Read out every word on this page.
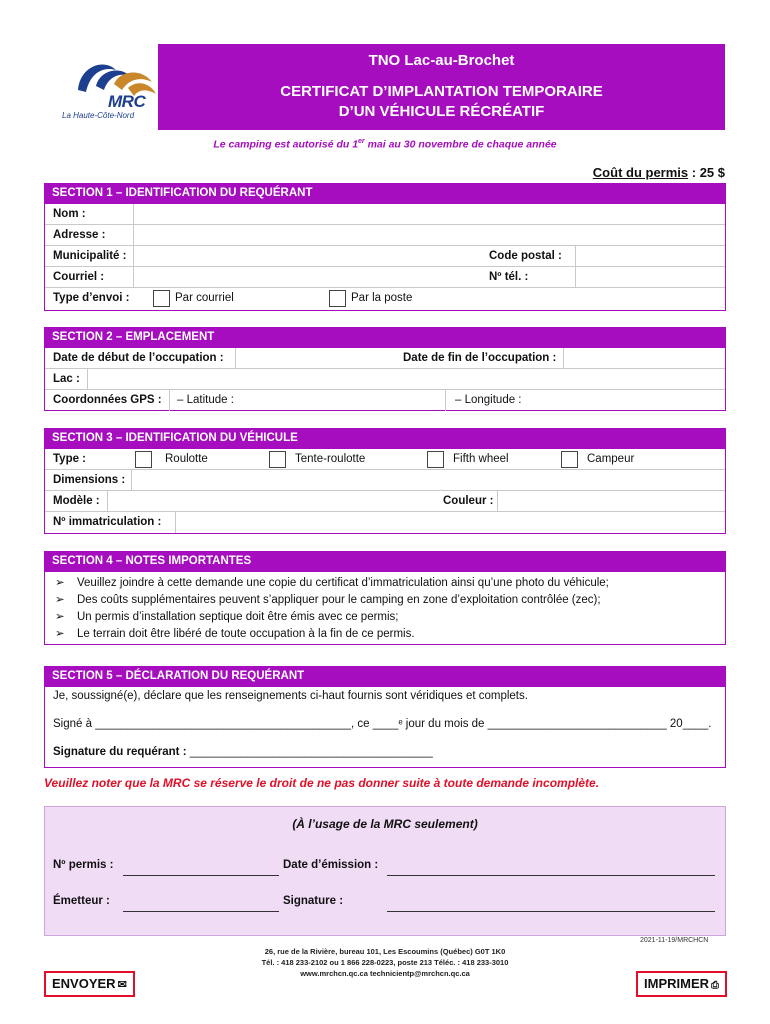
MRC
La Haute-Côte-Nord
TNO Lac-au-Brochet
CERTIFICAT D’IMPLANTATION TEMPORAIRE
D’UN VÉHICULE RÉCRÉATIF
Le camping est autorisé du 1er mai au 30 novembre de chaque année
Coût du permis : 25 $
SECTION 1 – IDENTIFICATION DU REQUÉRANT
Nom :
Adresse :
Municipalité :	Code postal :
Courriel :	Nº tél. :
Type d’envoi :	Par courriel	Par la poste
SECTION 2 – EMPLACEMENT
Date de début de l’occupation :	Date de fin de l’occupation :
Lac :
Coordonnées GPS : – Latitude :	– Longitude :
SECTION 3 – IDENTIFICATION DU VÉHICULE
Type :	Roulotte	Tente-roulotte	Fifth wheel	Campeur
Dimensions :
Modèle :	Couleur :
Nº immatriculation :
SECTION 4 – NOTES IMPORTANTES
➢ Veuillez joindre à cette demande une copie du certificat d’immatriculation ainsi qu’une photo du véhicule;
➢ Des coûts supplémentaires peuvent s’appliquer pour le camping en zone d’exploitation contrôlée (zec);
➢ Un permis d’installation septique doit être émis avec ce permis;
➢ Le terrain doit être libéré de toute occupation à la fin de ce permis.
SECTION 5 – DÉCLARATION DU REQUÉRANT
Je, soussigné(e), déclare que les renseignements ci-haut fournis sont véridiques et complets.
Signé à ________________________________________, ce ____ᵉ jour du mois de ____________________________ 20____.
Signature du requérant : ______________________________________
Veuillez noter que la MRC se réserve le droit de ne pas donner suite à toute demande incomplète.
(À l’usage de la MRC seulement)
Nº permis :	Date d’émission :
Émetteur :	Signature :
2021-11-19/MRCHCN
26, rue de la Rivière, bureau 101, Les Escoumins (Québec) G0T 1K0
Tél. : 418 233-2102 ou 1 866 228-0223, poste 213 Téléc. : 418 233-3010
www.mrchcn.qc.ca technicientp@mrchcn.qc.ca
ENVOYER ✉	IMPRIMER ⎙
